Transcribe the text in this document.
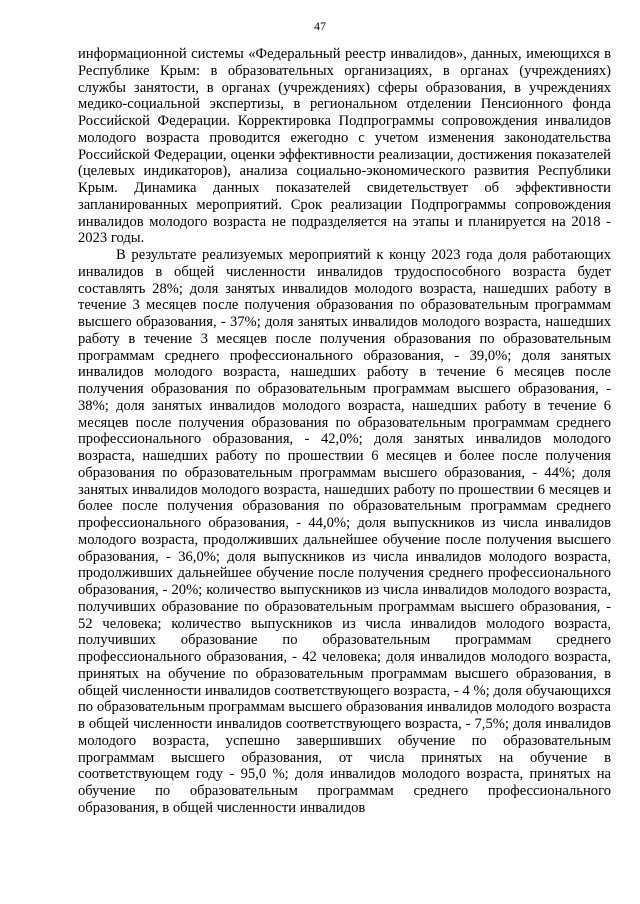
47

информационной системы «Федеральный реестр инвалидов», данных, имеющихся в Республике Крым: в образовательных организациях, в органах (учреждениях) службы занятости, в органах (учреждениях) сферы образования, в учреждениях медико-социальной экспертизы, в региональном отделении Пенсионного фонда Российской Федерации. Корректировка Подпрограммы сопровождения инвалидов молодого возраста проводится ежегодно с учетом изменения законодательства Российской Федерации, оценки эффективности реализации, достижения показателей (целевых индикаторов), анализа социально-экономического развития Республики Крым. Динамика данных показателей свидетельствует об эффективности запланированных мероприятий. Срок реализации Подпрограммы сопровождения инвалидов молодого возраста не подразделяется на этапы и планируется на 2018 - 2023 годы.

В результате реализуемых мероприятий к концу 2023 года доля работающих инвалидов в общей численности инвалидов трудоспособного возраста будет составлять 28%; доля занятых инвалидов молодого возраста, нашедших работу в течение 3 месяцев после получения образования по образовательным программам высшего образования, - 37%; доля занятых инвалидов молодого возраста, нашедших работу в течение 3 месяцев после получения образования по образовательным программам среднего профессионального образования, - 39,0%; доля занятых инвалидов молодого возраста, нашедших работу в течение 6 месяцев после получения образования по образовательным программам высшего образования, - 38%; доля занятых инвалидов молодого возраста, нашедших работу в течение 6 месяцев после получения образования по образовательным программам среднего профессионального образования, - 42,0%; доля занятых инвалидов молодого возраста, нашедших работу по прошествии 6 месяцев и более после получения образования по образовательным программам высшего образования, - 44%; доля занятых инвалидов молодого возраста, нашедших работу по прошествии 6 месяцев и более после получения образования по образовательным программам среднего профессионального образования, - 44,0%; доля выпускников из числа инвалидов молодого возраста, продолживших дальнейшее обучение после получения высшего образования, - 36,0%; доля выпускников из числа инвалидов молодого возраста, продолживших дальнейшее обучение после получения среднего профессионального образования, - 20%; количество выпускников из числа инвалидов молодого возраста, получивших образование по образовательным программам высшего образования, - 52 человека; количество выпускников из числа инвалидов молодого возраста, получивших образование по образовательным программам среднего профессионального образования, - 42 человека; доля инвалидов молодого возраста, принятых на обучение по образовательным программам высшего образования, в общей численности инвалидов соответствующего возраста, - 4 %; доля обучающихся по образовательным программам высшего образования инвалидов молодого возраста в общей численности инвалидов соответствующего возраста, - 7,5%; доля инвалидов молодого возраста, успешно завершивших обучение по образовательным программам высшего образования, от числа принятых на обучение в соответствующем году - 95,0 %; доля инвалидов молодого возраста, принятых на обучение по образовательным программам среднего профессионального образования, в общей численности инвалидов
